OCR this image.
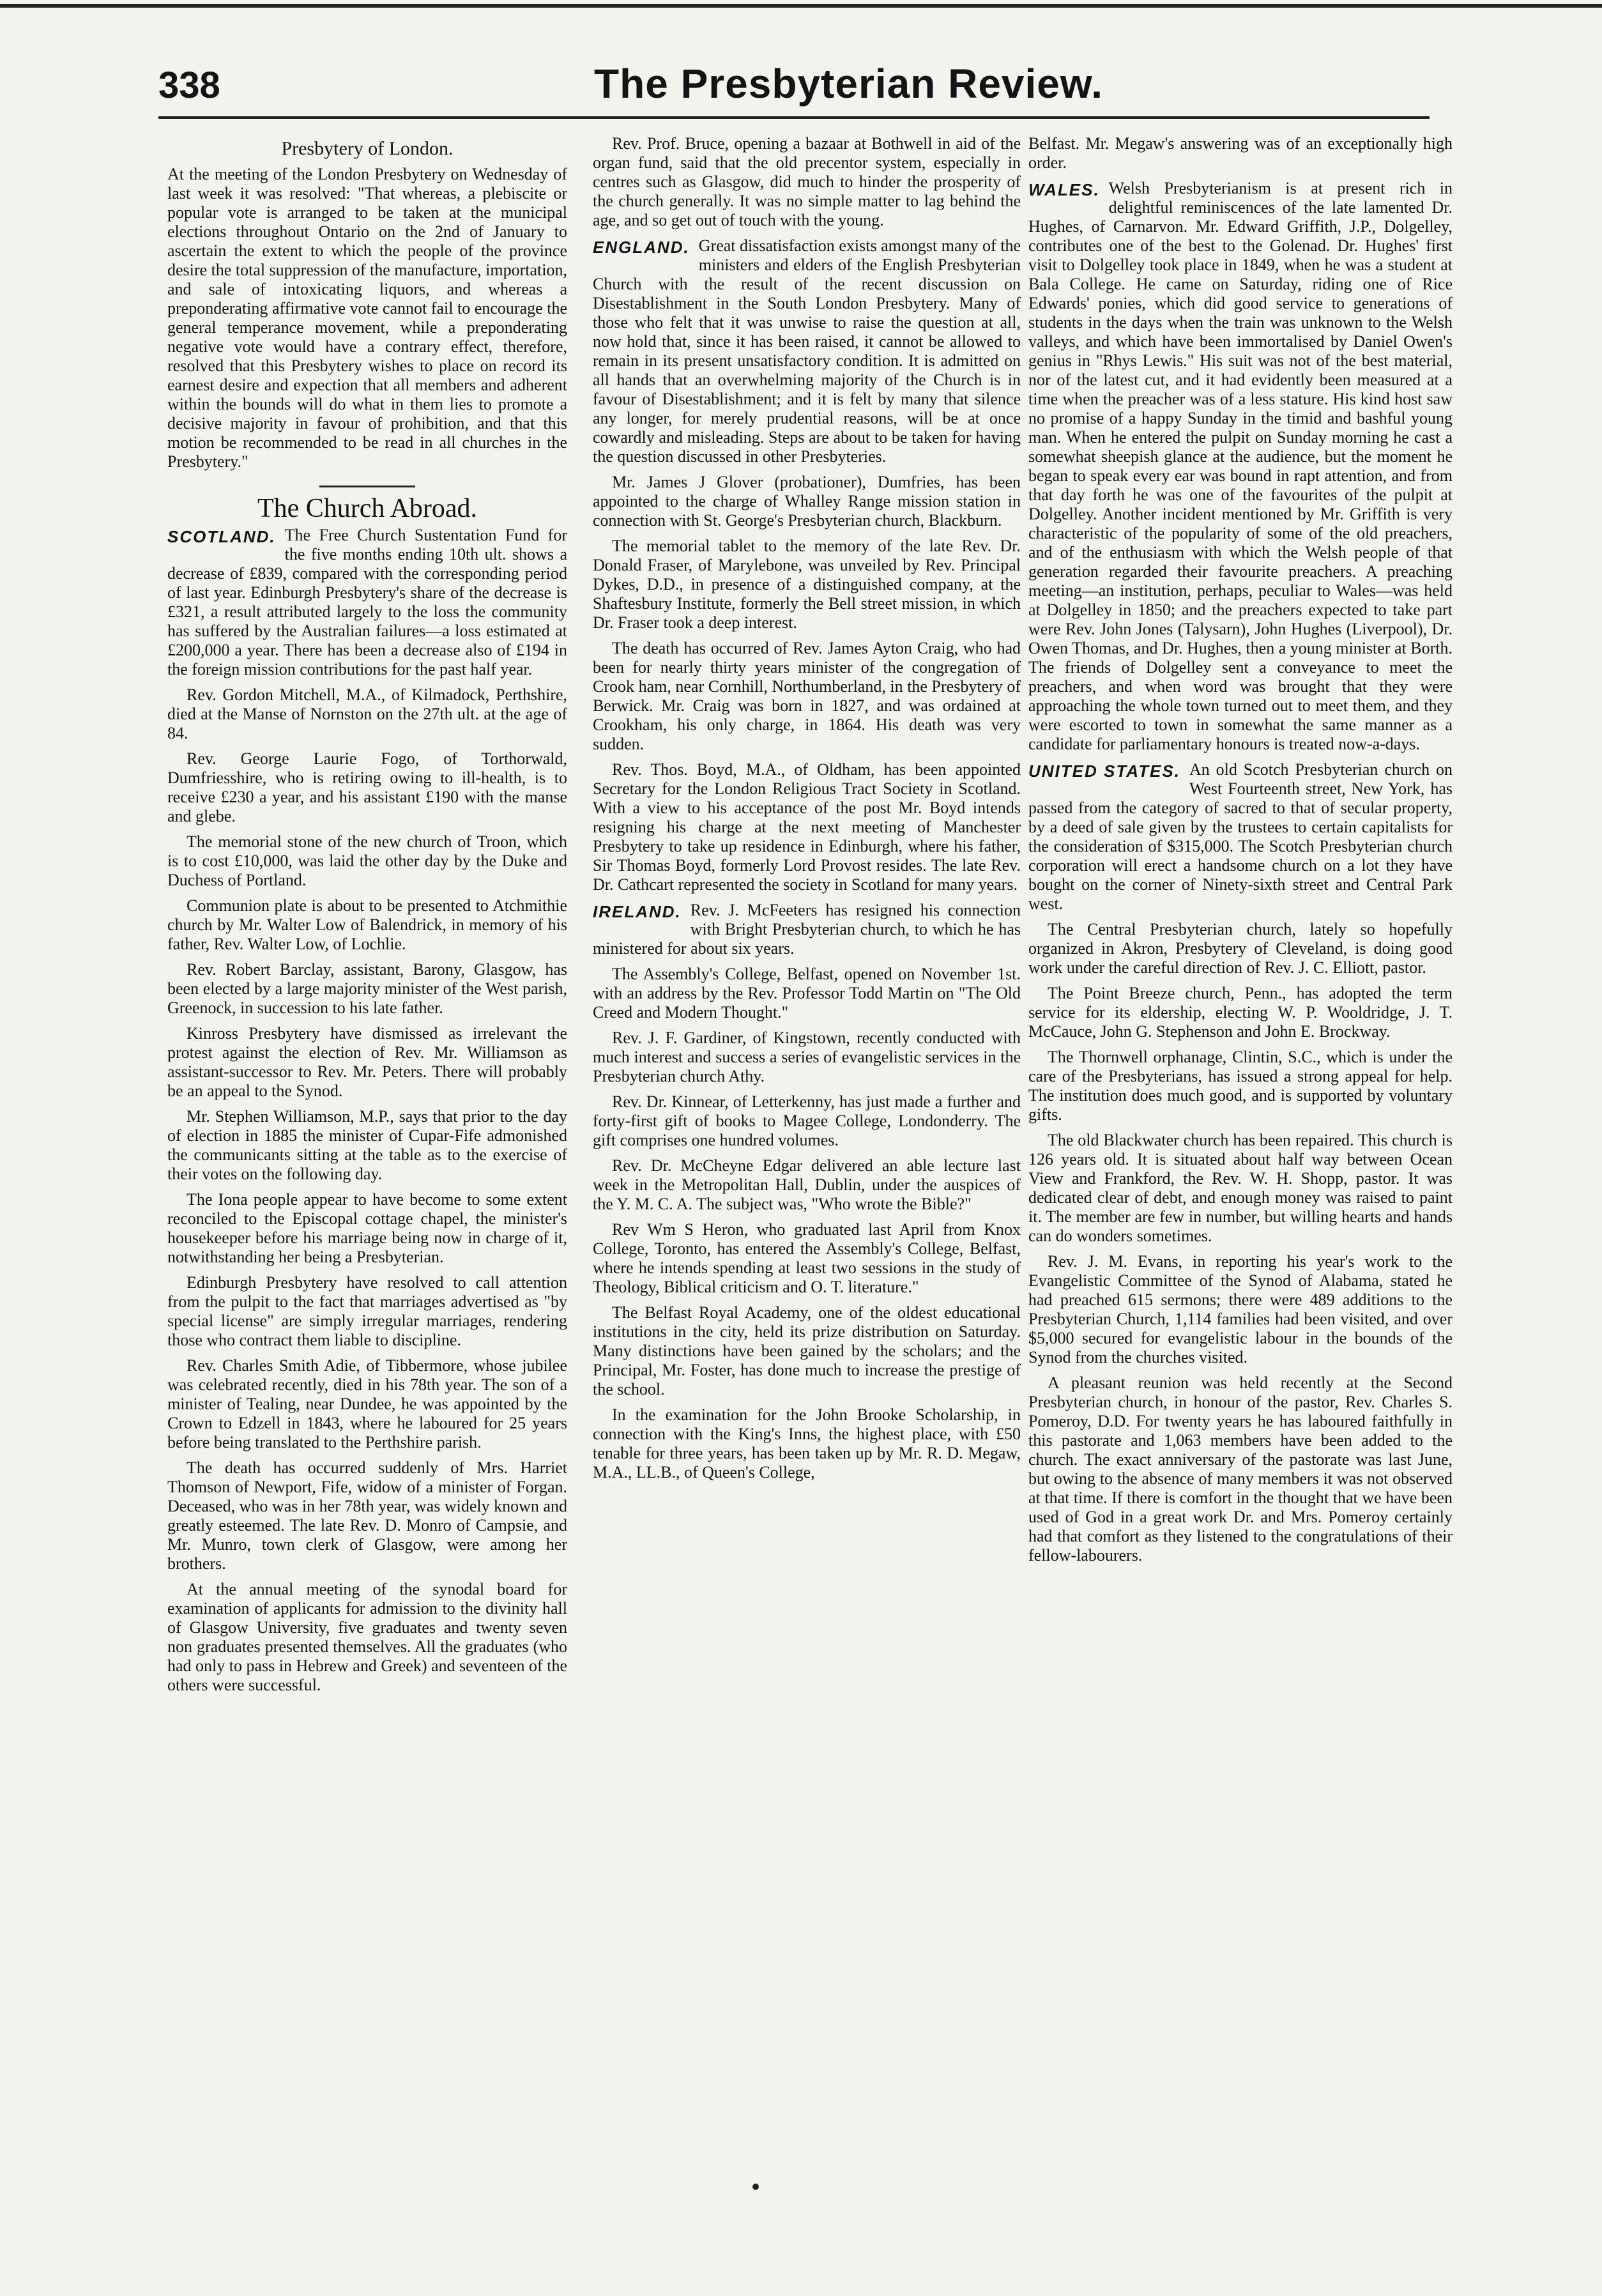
338	The Presbyterian Review.
Presbytery of London.

At the meeting of the London Presbytery on Wednesday of last week it was resolved: "That whereas, a plebiscite or popular vote is arranged to be taken at the municipal elections throughout Ontario on the 2nd of January to ascertain the extent to which the people of the province desire the total suppression of the manufacture, importation, and sale of intoxicating liquors, and whereas a preponderating affirmative vote cannot fail to encourage the general temperance movement, while a preponderating negative vote would have a contrary effect, therefore, resolved that this Presbytery wishes to place on record its earnest desire and expection that all members and adherent within the bounds will do what in them lies to promote a decisive majority in favour of prohibition, and that this motion be recommended to be read in all churches in the Presbytery."

The Church Abroad.
SCOTLAND. The Free Church Sustentation Fund for the five months ending 10th ult. shows a decrease of £839, compared with the corresponding period of last year. Edinburgh Presbytery's share of the decrease is £321, a result attributed largely to the loss the community has suffered by the Australian failures—a loss estimated at £200,000 a year. There has been a decrease also of £194 in the foreign mission contributions for the past half year.

Rev. Gordon Mitchell, M.A., of Kilmadock, Perthshire, died at the Manse of Nornston on the 27th ult. at the age of 84.

Rev. George Laurie Fogo, of Torthorwald, Dumfriesshire, who is retiring owing to ill-health, is to receive £230 a year, and his assistant £190 with the manse and glebe.

The memorial stone of the new church of Troon, which is to cost £10,000, was laid the other day by the Duke and Duchess of Portland.

Communion plate is about to be presented to Atchmithie church by Mr. Walter Low of Balendrick, in memory of his father, Rev. Walter Low, of Lochlie.

Rev. Robert Barclay, assistant, Barony, Glasgow, has been elected by a large majority minister of the West parish, Greenock, in succession to his late father.

Kinross Presbytery have dismissed as irrelevant the protest against the election of Rev. Mr. Williamson as assistant-successor to Rev. Mr. Peters. There will probably be an appeal to the Synod.

Mr. Stephen Williamson, M.P., says that prior to the day of election in 1885 the minister of Cupar-Fife admonished the communicants sitting at the table as to the exercise of their votes on the following day.

The Iona people appear to have become to some extent reconciled to the Episcopal cottage chapel, the minister's housekeeper before his marriage being now in charge of it, notwithstanding her being a Presbyterian.

Edinburgh Presbytery have resolved to call attention from the pulpit to the fact that marriages advertised as "by special license" are simply irregular marriages, rendering those who contract them liable to discipline.

Rev. Charles Smith Adie, of Tibbermore, whose jubilee was celebrated recently, died in his 78th year. The son of a minister of Tealing, near Dundee, he was appointed by the Crown to Edzell in 1843, where he laboured for 25 years before being translated to the Perthshire parish.

The death has occurred suddenly of Mrs. Harriet Thomson of Newport, Fife, widow of a minister of Forgan. Deceased, who was in her 78th year, was widely known and greatly esteemed. The late Rev. D. Monro of Campsie, and Mr. Munro, town clerk of Glasgow, were among her brothers.

At the annual meeting of the synodal board for examination of applicants for admission to the divinity hall of Glasgow University, five graduates and twenty seven non graduates presented themselves. All the graduates (who had only to pass in Hebrew and Greek) and seventeen of the others were successful.

Rev. Prof. Bruce, opening a bazaar at Bothwell in aid of the organ fund, said that the old precentor system, especially in centres such as Glasgow, did much to hinder the prosperity of the church generally. It was no simple matter to lag behind the age, and so get out of touch with the young.

ENGLAND. Great dissatisfaction exists amongst many of the ministers and elders of the English Presbyterian Church with the result of the recent discussion on Disestablishment in the South London Presbytery. Many of those who felt that it was unwise to raise the question at all, now hold that, since it has been raised, it cannot be allowed to remain in its present unsatisfactory condition. It is admitted on all hands that an overwhelming majority of the Church is in favour of Disestablishment; and it is felt by many that silence any longer, for merely prudential reasons, will be at once cowardly and misleading. Steps are about to be taken for having the question discussed in other Presbyteries.

Mr. James J Glover (probationer), Dumfries, has been appointed to the charge of Whalley Range mission station in connection with St. George's Presbyterian church, Blackburn.

The memorial tablet to the memory of the late Rev. Dr. Donald Fraser, of Marylebone, was unveiled by Rev. Principal Dykes, D.D., in presence of a distinguished company, at the Shaftesbury Institute, formerly the Bell street mission, in which Dr. Fraser took a deep interest.

The death has occurred of Rev. James Ayton Craig, who had been for nearly thirty years minister of the congregation of Crook ham, near Cornhill, Northumberland, in the Presbytery of Berwick. Mr. Craig was born in 1827, and was ordained at Crookham, his only charge, in 1864. His death was very sudden.

Rev. Thos. Boyd, M.A., of Oldham, has been appointed Secretary for the London Religious Tract Society in Scotland. With a view to his acceptance of the post Mr. Boyd intends resigning his charge at the next meeting of Manchester Presbytery to take up residence in Edinburgh, where his father, Sir Thomas Boyd, formerly Lord Provost resides. The late Rev. Dr. Cathcart represented the society in Scotland for many years.

IRELAND. Rev. J. McFeeters has resigned his connection with Bright Presbyterian church, to which he has ministered for about six years.

The Assembly's College, Belfast, opened on November 1st. with an address by the Rev. Professor Todd Martin on "The Old Creed and Modern Thought."

Rev. J. F. Gardiner, of Kingstown, recently conducted with much interest and success a series of evangelistic services in the Presbyterian church Athy.

Rev. Dr. Kinnear, of Letterkenny, has just made a further and forty-first gift of books to Magee College, Londonderry. The gift comprises one hundred volumes.

Rev. Dr. McCheyne Edgar delivered an able lecture last week in the Metropolitan Hall, Dublin, under the auspices of the Y. M. C. A. The subject was, "Who wrote the Bible?"

Rev Wm S Heron, who graduated last April from Knox College, Toronto, has entered the Assembly's College, Belfast, where he intends spending at least two sessions in the study of Theology, Biblical criticism and O. T. literature."

The Belfast Royal Academy, one of the oldest educational institutions in the city, held its prize distribution on Saturday. Many distinctions have been gained by the scholars; and the Principal, Mr. Foster, has done much to increase the prestige of the school.

In the examination for the John Brooke Scholarship, in connection with the King's Inns, the highest place, with £50 tenable for three years, has been taken up by Mr. R. D. Megaw, M.A., LL.B., of Queen's College,

Belfast. Mr. Megaw's answering was of an exceptionally high order.

WALES. Welsh Presbyterianism is at present rich in delightful reminiscences of the late lamented Dr. Hughes, of Carnarvon. Mr. Edward Griffith, J.P., Dolgelley, contributes one of the best to the Golenad. Dr. Hughes' first visit to Dolgelley took place in 1849, when he was a student at Bala College. He came on Saturday, riding one of Rice Edwards' ponies, which did good service to generations of students in the days when the train was unknown to the Welsh valleys, and which have been immortalised by Daniel Owen's genius in "Rhys Lewis." His suit was not of the best material, nor of the latest cut, and it had evidently been measured at a time when the preacher was of a less stature. His kind host saw no promise of a happy Sunday in the timid and bashful young man. When he entered the pulpit on Sunday morning he cast a somewhat sheepish glance at the audience, but the moment he began to speak every ear was bound in rapt attention, and from that day forth he was one of the favourites of the pulpit at Dolgelley. Another incident mentioned by Mr. Griffith is very characteristic of the popularity of some of the old preachers, and of the enthusiasm with which the Welsh people of that generation regarded their favourite preachers. A preaching meeting—an institution, perhaps, peculiar to Wales—was held at Dolgelley in 1850; and the preachers expected to take part were Rev. John Jones (Talysarn), John Hughes (Liverpool), Dr. Owen Thomas, and Dr. Hughes, then a young minister at Borth. The friends of Dolgelley sent a conveyance to meet the preachers, and when word was brought that they were approaching the whole town turned out to meet them, and they were escorted to town in somewhat the same manner as a candidate for parliamentary honours is treated now-a-days.

UNITED STATES. An old Scotch Presbyterian church on West Fourteenth street, New York, has passed from the category of sacred to that of secular property, by a deed of sale given by the trustees to certain capitalists for the consideration of $315,000. The Scotch Presbyterian church corporation will erect a handsome church on a lot they have bought on the corner of Ninety-sixth street and Central Park west.

The Central Presbyterian church, lately so hopefully organized in Akron, Presbytery of Cleveland, is doing good work under the careful direction of Rev. J. C. Elliott, pastor.

The Point Breeze church, Penn., has adopted the term service for its eldership, electing W. P. Wooldridge, J. T. McCauce, John G. Stephenson and John E. Brockway.

The Thornwell orphanage, Clintin, S.C., which is under the care of the Presbyterians, has issued a strong appeal for help. The institution does much good, and is supported by voluntary gifts.

The old Blackwater church has been repaired. This church is 126 years old. It is situated about half way between Ocean View and Frankford, the Rev. W. H. Shopp, pastor. It was dedicated clear of debt, and enough money was raised to paint it. The member are few in number, but willing hearts and hands can do wonders sometimes.

Rev. J. M. Evans, in reporting his year's work to the Evangelistic Committee of the Synod of Alabama, stated he had preached 615 sermons; there were 489 additions to the Presbyterian Church, 1,114 families had been visited, and over $5,000 secured for evangelistic labour in the bounds of the Synod from the churches visited.

A pleasant reunion was held recently at the Second Presbyterian church, in honour of the pastor, Rev. Charles S. Pomeroy, D.D. For twenty years he has laboured faithfully in this pastorate and 1,063 members have been added to the church. The exact anniversary of the pastorate was last June, but owing to the absence of many members it was not observed at that time. If there is comfort in the thought that we have been used of God in a great work Dr. and Mrs. Pomeroy certainly had that comfort as they listened to the congratulations of their fellow-labourers.
